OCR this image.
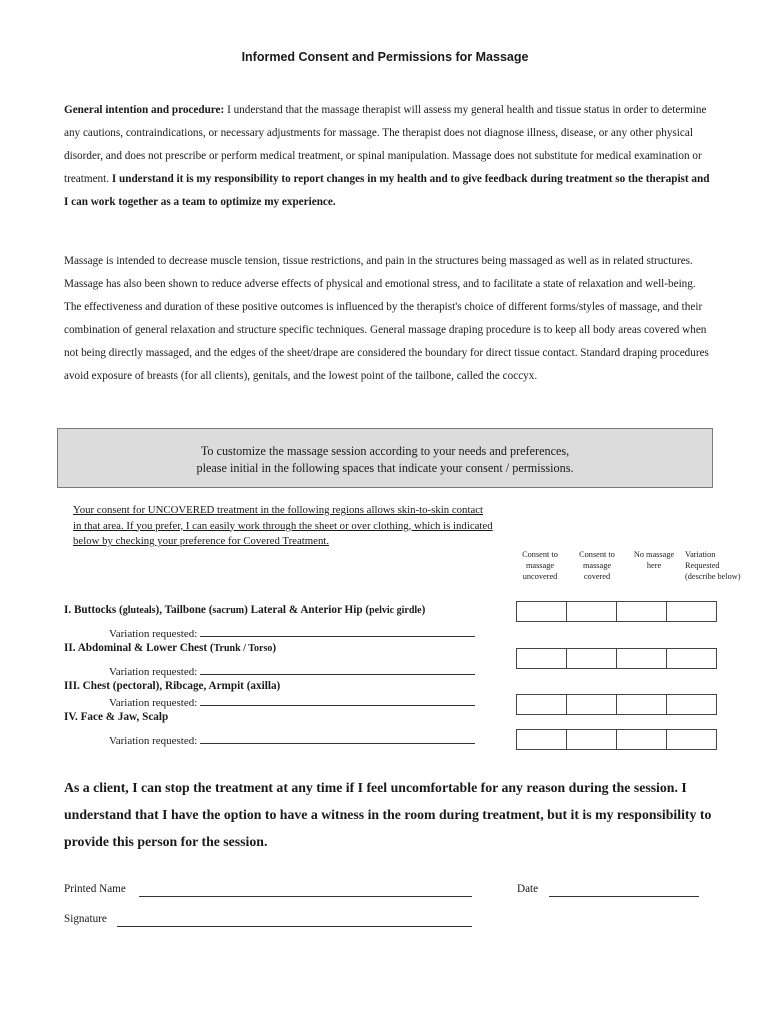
Informed Consent and Permissions for Massage

General intention and procedure: I understand that the massage therapist will assess my general health and tissue status in order to determine any cautions, contraindications, or necessary adjustments for massage. The therapist does not diagnose illness, disease, or any other physical disorder, and does not prescribe or perform medical treatment, or spinal manipulation. Massage does not substitute for medical examination or treatment. I understand it is my responsibility to report changes in my health and to give feedback during treatment so the therapist and I can work together as a team to optimize my experience.

Massage is intended to decrease muscle tension, tissue restrictions, and pain in the structures being massaged as well as in related structures. Massage has also been shown to reduce adverse effects of physical and emotional stress, and to facilitate a state of relaxation and well-being. The effectiveness and duration of these positive outcomes is influenced by the therapist's choice of different forms/styles of massage, and their combination of general relaxation and structure specific techniques. General massage draping procedure is to keep all body areas covered when not being directly massaged, and the edges of the sheet/drape are considered the boundary for direct tissue contact. Standard draping procedures avoid exposure of breasts (for all clients), genitals, and the lowest point of the tailbone, called the coccyx.

To customize the massage session according to your needs and preferences,
please initial in the following spaces that indicate your consent / permissions.

Your consent for UNCOVERED treatment in the following regions allows skin-to-skin contact in that area. If you prefer, I can easily work through the sheet or over clothing, which is indicated below by checking your preference for Covered Treatment.

Consent to
massage
uncovered
Consent to
massage
covered
No massage
here
Variation
Requested
(describe below)
I. Buttocks (gluteals), Tailbone (sacrum) Lateral & Anterior Hip (pelvic girdle)
Variation requested:
II. Abdominal & Lower Chest (Trunk / Torso)
Variation requested:
III. Chest (pectoral), Ribcage, Armpit (axilla)
Variation requested:
IV. Face & Jaw, Scalp
Variation requested:

As a client, I can stop the treatment at any time if I feel uncomfortable for any reason during the session. I understand that I have the option to have a witness in the room during treatment, but it is my responsibility to provide this person for the session.

Printed Name	Date
Signature
